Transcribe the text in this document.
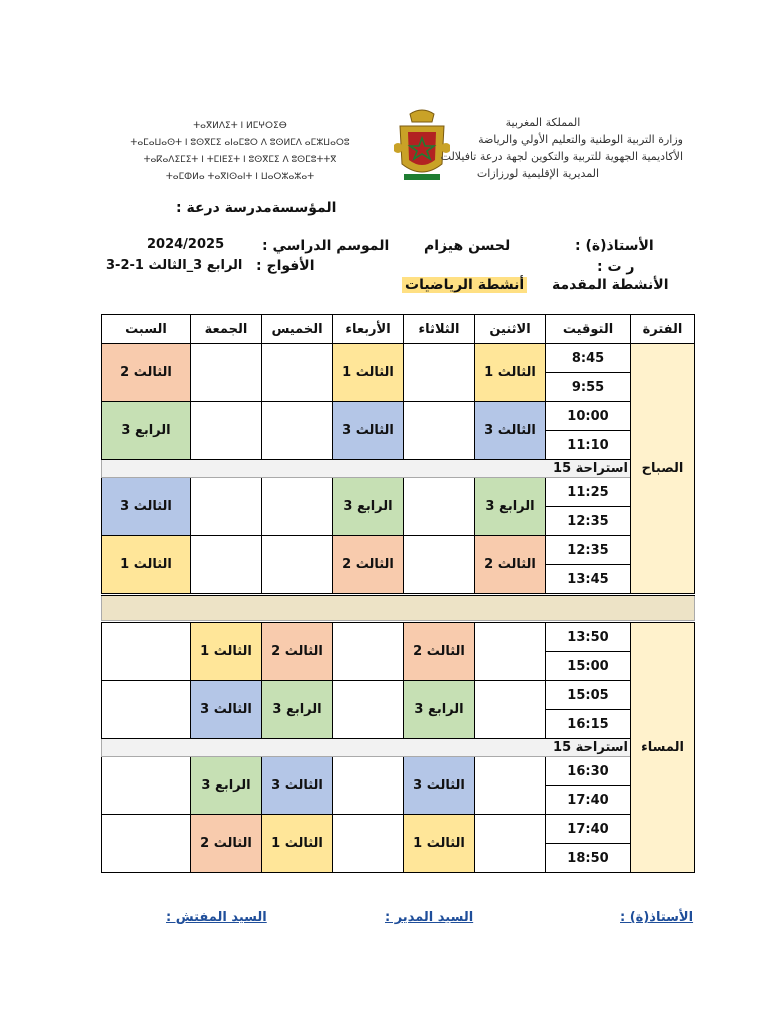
ⵜⴰⴳⵍⴷⵉⵜ ⵏ ⵍⵎⵖⵔⵉⴱ
ⵜⴰⵎⴰⵡⴰⵙⵜ ⵏ ⵓⵙⴳⵎⵉ ⴰⵏⴰⵎⵓⵔ ⴷ ⵓⵙⵍⵎⴷ ⴰⵎⵣⵡⴰⵔⵓ
ⵜⴰⴽⴰⴷⵉⵎⵉⵜ ⵏ ⵜⵎⵏⴹⵉⵜ ⵏ ⵓⵙⴳⵎⵉ ⴷ ⵓⵙⵎⵓⵜⵜⴳ
ⵜⴰⵎⵀⵍⴰ ⵜⴰⴳⵏⵙⴰⵏⵜ ⵏ ⵡⴰⵔⵣⴰⵣⴰⵜ
المملكة المغربية
وزارة التربية الوطنية والتعليم الأولي والرياضة
الأكاديمية الجهوية للتربية والتكوين لجهة درعة تافيلالت
المديرية الإقليمية لورزازات
المؤسسةمدرسة درعة :
الأستاذ(ة) :
لحسن هيزام
الموسم الدراسي :
2024/2025
ر ت :
الأفواج :
الرابع 3_الثالث 1-2-3
الأنشطة المقدمة
أنشطة الرياضيات
الفترة	التوقيت	الاثنين	الثلاثاء	الأربعاء	الخميس	الجمعة	السبت
الصباح	8:45	الثالث 1		الثالث 1			الثالث 2
	9:55						
	10:00	الثالث 3		الثالث 3			الرابع 3
	11:10						
	استراحة 15						
	11:25	الرابع 3		الرابع 3			الثالث 3
	12:35						
	12:35	الثالث 2		الثالث 2			الثالث 1
	13:45						

المساء	13:50		الثالث 2		الثالث 2	الثالث 1	
	15:00						
	15:05		الرابع 3		الرابع 3	الثالث 3	
	16:15						
	استراحة 15						
	16:30		الثالث 3		الثالث 3	الرابع 3	
	17:40						
	17:40		الثالث 1		الثالث 1	الثالث 2	
	18:50						
الأستاذ(ة) :
السيد المدير :
السيد المفتش :
